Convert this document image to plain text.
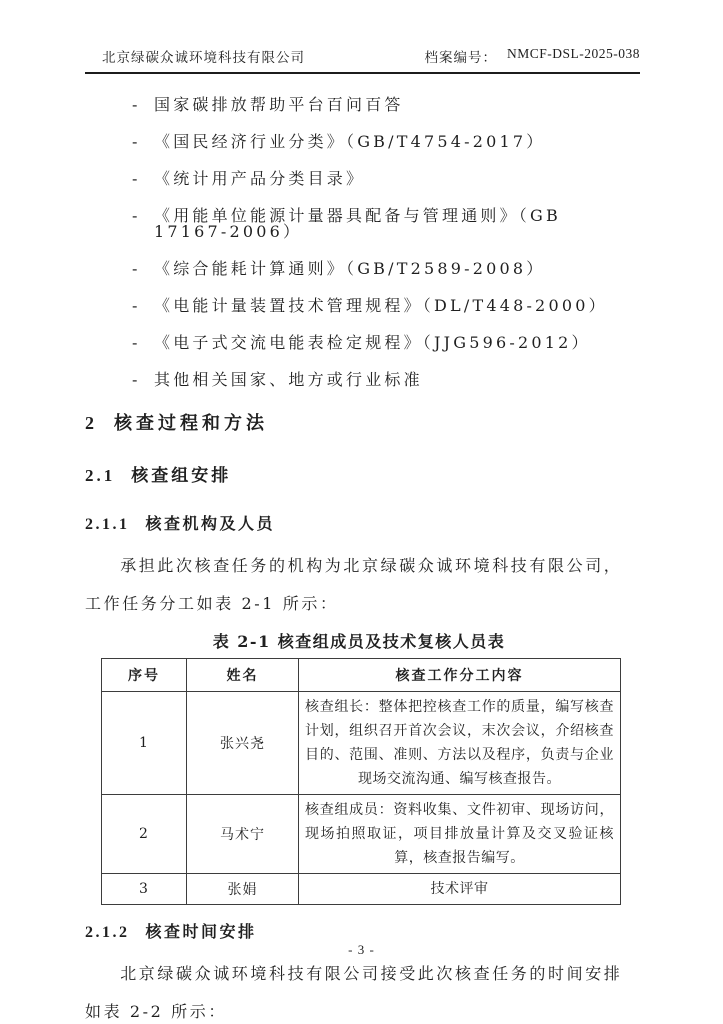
北京绿碳众诚环境科技有限公司	档案编号： NMCF-DSL-2025-038
-	国家碳排放帮助平台百问百答
-	《国民经济行业分类》（GB/T4754-2017）
-	《统计用产品分类目录》
-	《用能单位能源计量器具配备与管理通则》（GB 17167-2006）
-	《综合能耗计算通则》（GB/T2589-2008）
-	《电能计量装置技术管理规程》（DL/T448-2000）
-	《电子式交流电能表检定规程》（JJG596-2012）
-	其他相关国家、地方或行业标准
2 核查过程和方法
2.1 核查组安排
2.1.1 核查机构及人员
承担此次核查任务的机构为北京绿碳众诚环境科技有限公司，
工作任务分工如表 2-1 所示：
表 2-1 核查组成员及技术复核人员表
序号	姓名	核查工作分工内容
1	张兴尧	核查组长：整体把控核查工作的质量，编写核查计划，组织召开首次会议，末次会议，介绍核查目的、范围、准则、方法以及程序，负责与企业现场交流沟通、编写核查报告。
2	马术宁	核查组成员：资料收集、文件初审、现场访问，现场拍照取证，项目排放量计算及交叉验证核算，核查报告编写。
3	张娟	技术评审
2.1.2 核查时间安排
北京绿碳众诚环境科技有限公司接受此次核查任务的时间安排
如表 2-2 所示：
- 3 -
